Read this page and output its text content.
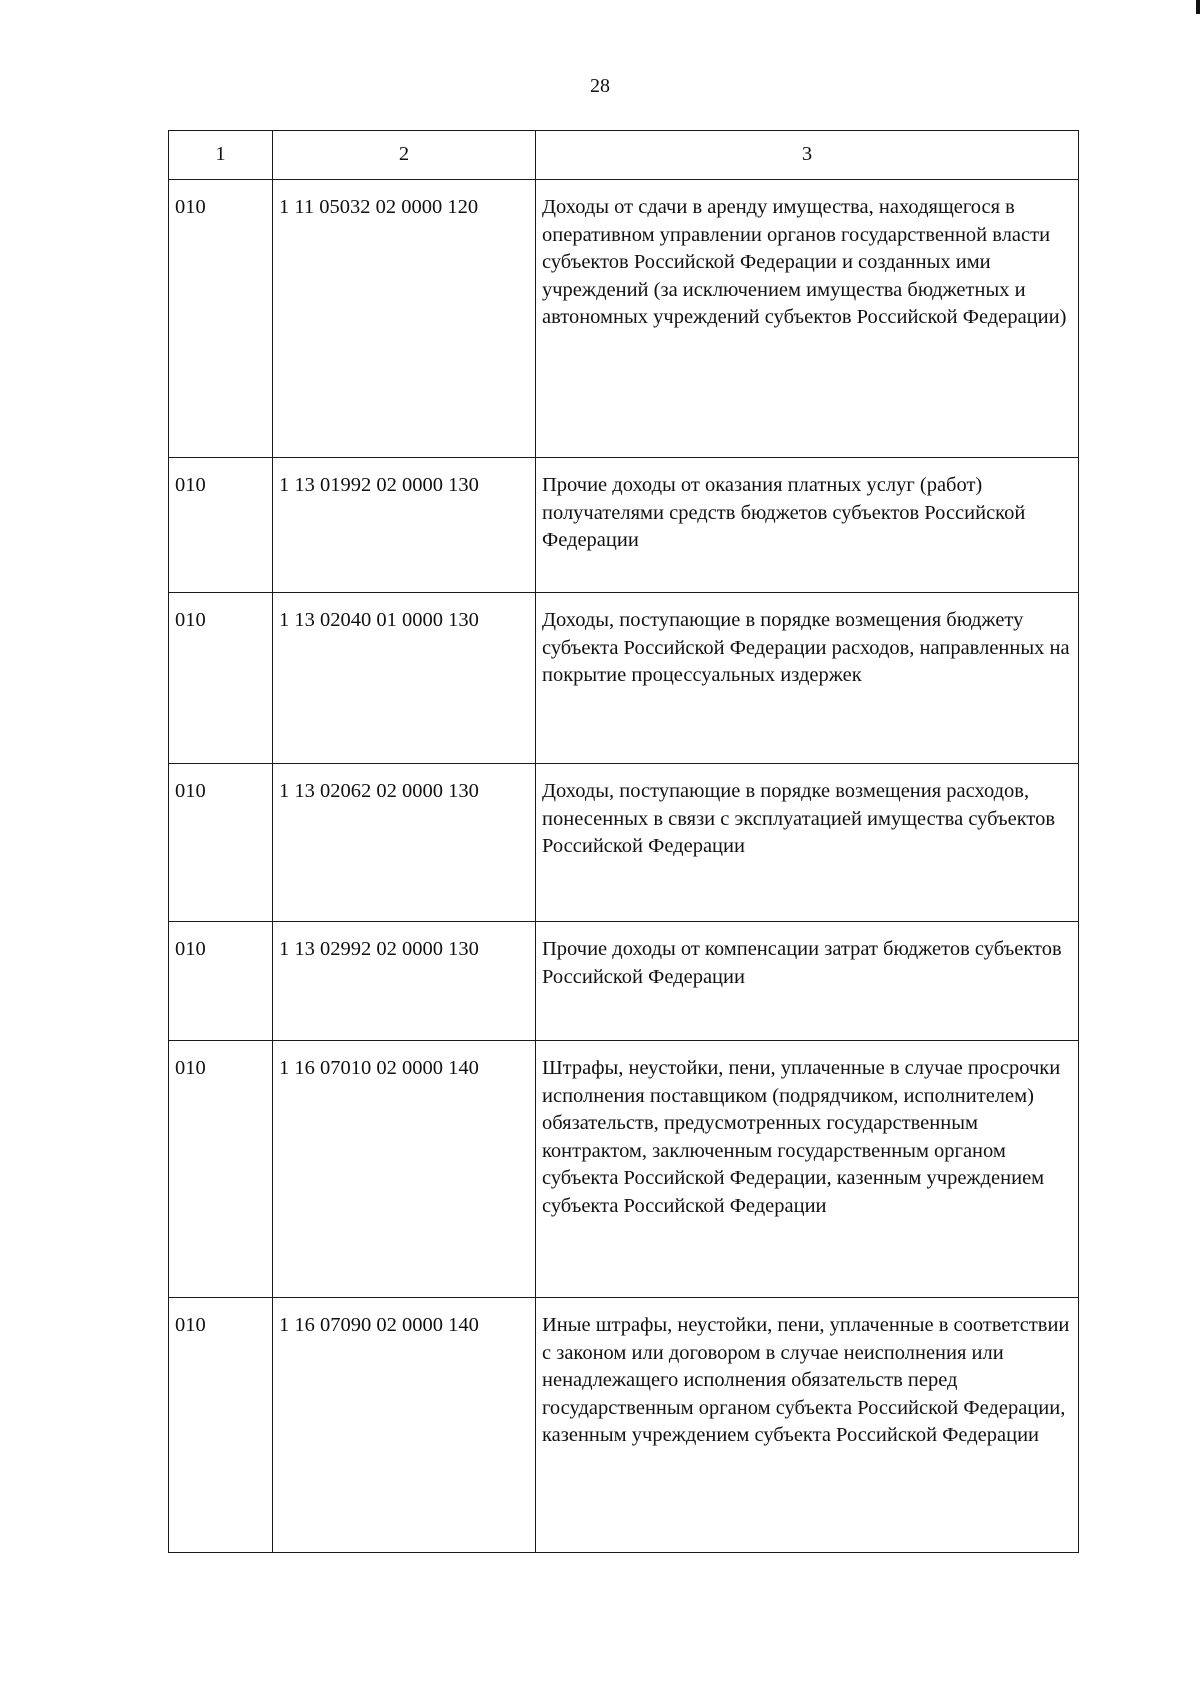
28
1	2	3
010	1 11 05032 02 0000 120	Доходы от сдачи в аренду имущества, находящегося в оперативном управлении органов государственной власти субъектов Российской Федерации и созданных ими учреждений (за исключением имущества бюджетных и автономных учреждений субъектов Российской Федерации)
010	1 13 01992 02 0000 130	Прочие доходы от оказания платных услуг (работ) получателями средств бюджетов субъектов Российской Федерации
010	1 13 02040 01 0000 130	Доходы, поступающие в порядке возмещения бюджету субъекта Российской Федерации расходов, направленных на покрытие процессуальных издержек
010	1 13 02062 02 0000 130	Доходы, поступающие в порядке возмещения расходов, понесенных в связи с эксплуатацией имущества субъектов Российской Федерации
010	1 13 02992 02 0000 130	Прочие доходы от компенсации затрат бюджетов субъектов Российской Федерации
010	1 16 07010 02 0000 140	Штрафы, неустойки, пени, уплаченные в случае просрочки исполнения поставщиком (подрядчиком, исполнителем) обязательств, предусмотренных государственным контрактом, заключенным государственным органом субъекта Российской Федерации, казенным учреждением субъекта Российской Федерации
010	1 16 07090 02 0000 140	Иные штрафы, неустойки, пени, уплаченные в соответствии с законом или договором в случае неисполнения или ненадлежащего исполнения обязательств перед государственным органом субъекта Российской Федерации, казенным учреждением субъекта Российской Федерации
